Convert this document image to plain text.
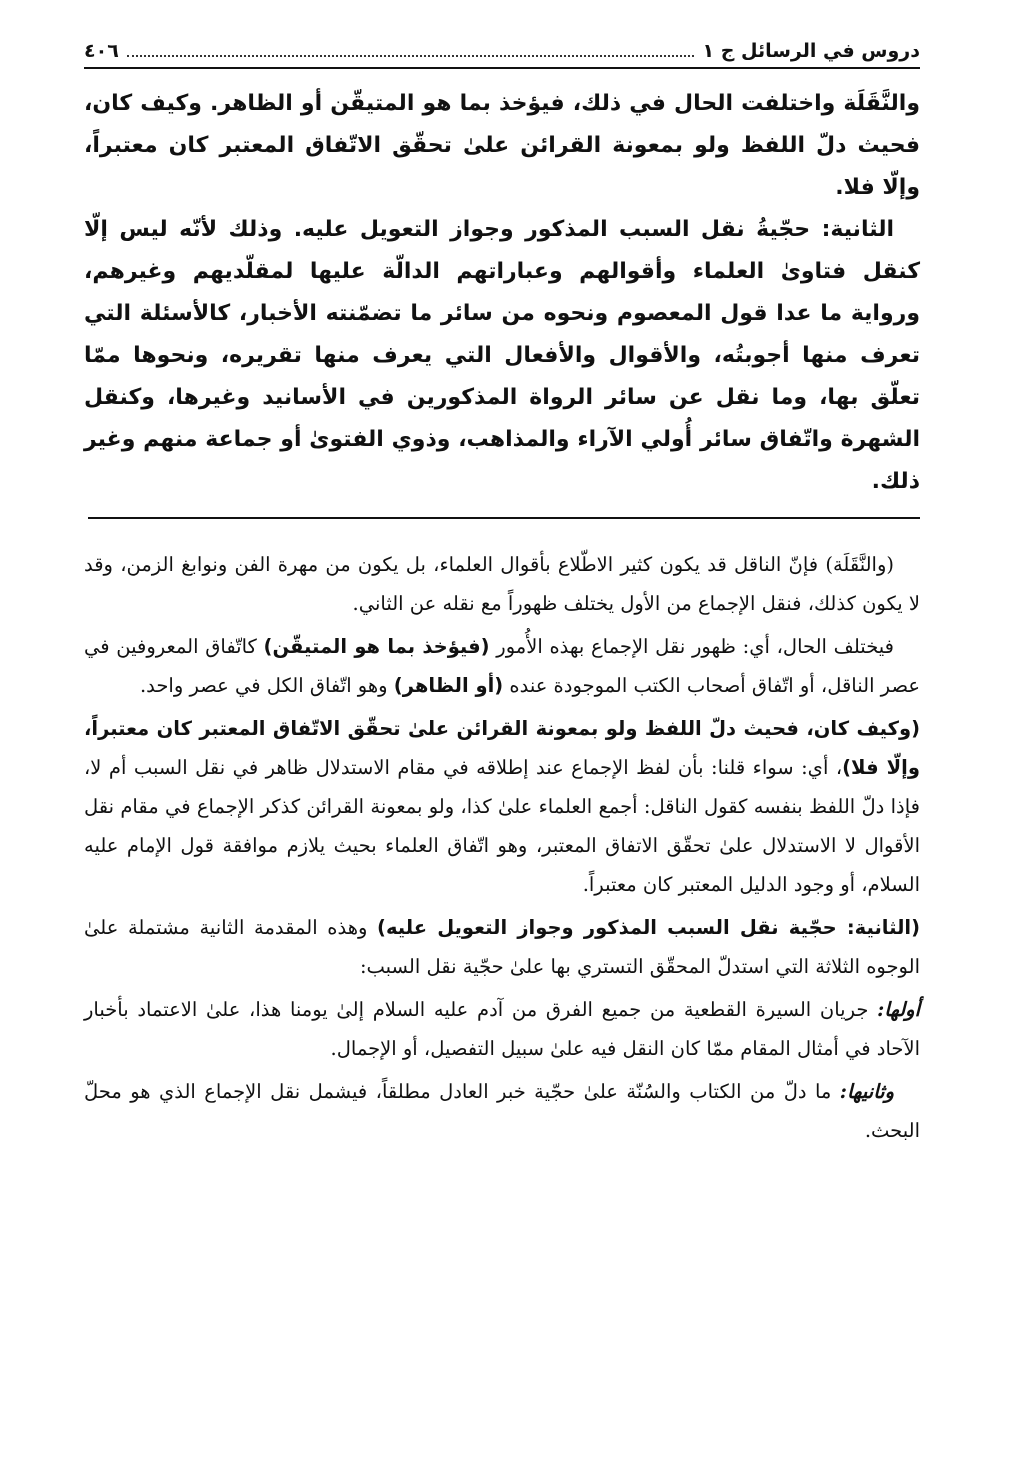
دروس في الرسائل ج ١
٤٠٦

والنَّقَلَة واختلفت الحال في ذلك، فيؤخذ بما هو المتيقّن أو الظاهر. وكيف كان، فحيث دلّ اللفظ ولو بمعونة القرائن علىٰ تحقّق الاتّفاق المعتبر كان معتبراً، وإلّا فلا.

الثانية: حجّيةُ نقل السبب المذكور وجواز التعويل عليه. وذلك لأنّه ليس إلّا كنقل فتاوىٰ العلماء وأقوالهم وعباراتهم الدالّة عليها لمقلّديهم وغيرهم، ورواية ما عدا قول المعصوم ونحوه من سائر ما تضمّنته الأخبار، كالأسئلة التي تعرف منها أجوبتُه، والأقوال والأفعال التي يعرف منها تقريره، ونحوها ممّا تعلّق بها، وما نقل عن سائر الرواة المذكورين في الأسانيد وغيرها، وكنقل الشهرة واتّفاق سائر أُولي الآراء والمذاهب، وذوي الفتوىٰ أو جماعة منهم وغير ذلك.

(والنَّقَلَة) فإنّ الناقل قد يكون كثير الاطّلاع بأقوال العلماء، بل يكون من مهرة الفن ونوابغ الزمن، وقد لا يكون كذلك، فنقل الإجماع من الأول يختلف ظهوراً مع نقله عن الثاني.

فيختلف الحال، أي: ظهور نقل الإجماع بهذه الأُمور (فيؤخذ بما هو المتيقّن) كاتّفاق المعروفين في عصر الناقل، أو اتّفاق أصحاب الكتب الموجودة عنده (أو الظاهر) وهو اتّفاق الكل في عصر واحد.

(وكيف كان، فحيث دلّ اللفظ ولو بمعونة القرائن علىٰ تحقّق الاتّفاق المعتبر كان معتبراً، وإلّا فلا)، أي: سواء قلنا: بأن لفظ الإجماع عند إطلاقه في مقام الاستدلال ظاهر في نقل السبب أم لا، فإذا دلّ اللفظ بنفسه كقول الناقل: أجمع العلماء علىٰ كذا، ولو بمعونة القرائن كذكر الإجماع في مقام نقل الأقوال لا الاستدلال علىٰ تحقّق الاتفاق المعتبر، وهو اتّفاق العلماء بحيث يلازم موافقة قول الإمام عليه السلام، أو وجود الدليل المعتبر كان معتبراً.

(الثانية: حجّية نقل السبب المذكور وجواز التعويل عليه) وهذه المقدمة الثانية مشتملة علىٰ الوجوه الثلاثة التي استدلّ المحقّق التستري بها علىٰ حجّية نقل السبب:

أولها: جريان السيرة القطعية من جميع الفرق من آدم عليه السلام إلىٰ يومنا هذا، علىٰ الاعتماد بأخبار الآحاد في أمثال المقام ممّا كان النقل فيه علىٰ سبيل التفصيل، أو الإجمال.

وثانيها: ما دلّ من الكتاب والسُنّة علىٰ حجّية خبر العادل مطلقاً، فيشمل نقل الإجماع الذي هو محلّ البحث.
